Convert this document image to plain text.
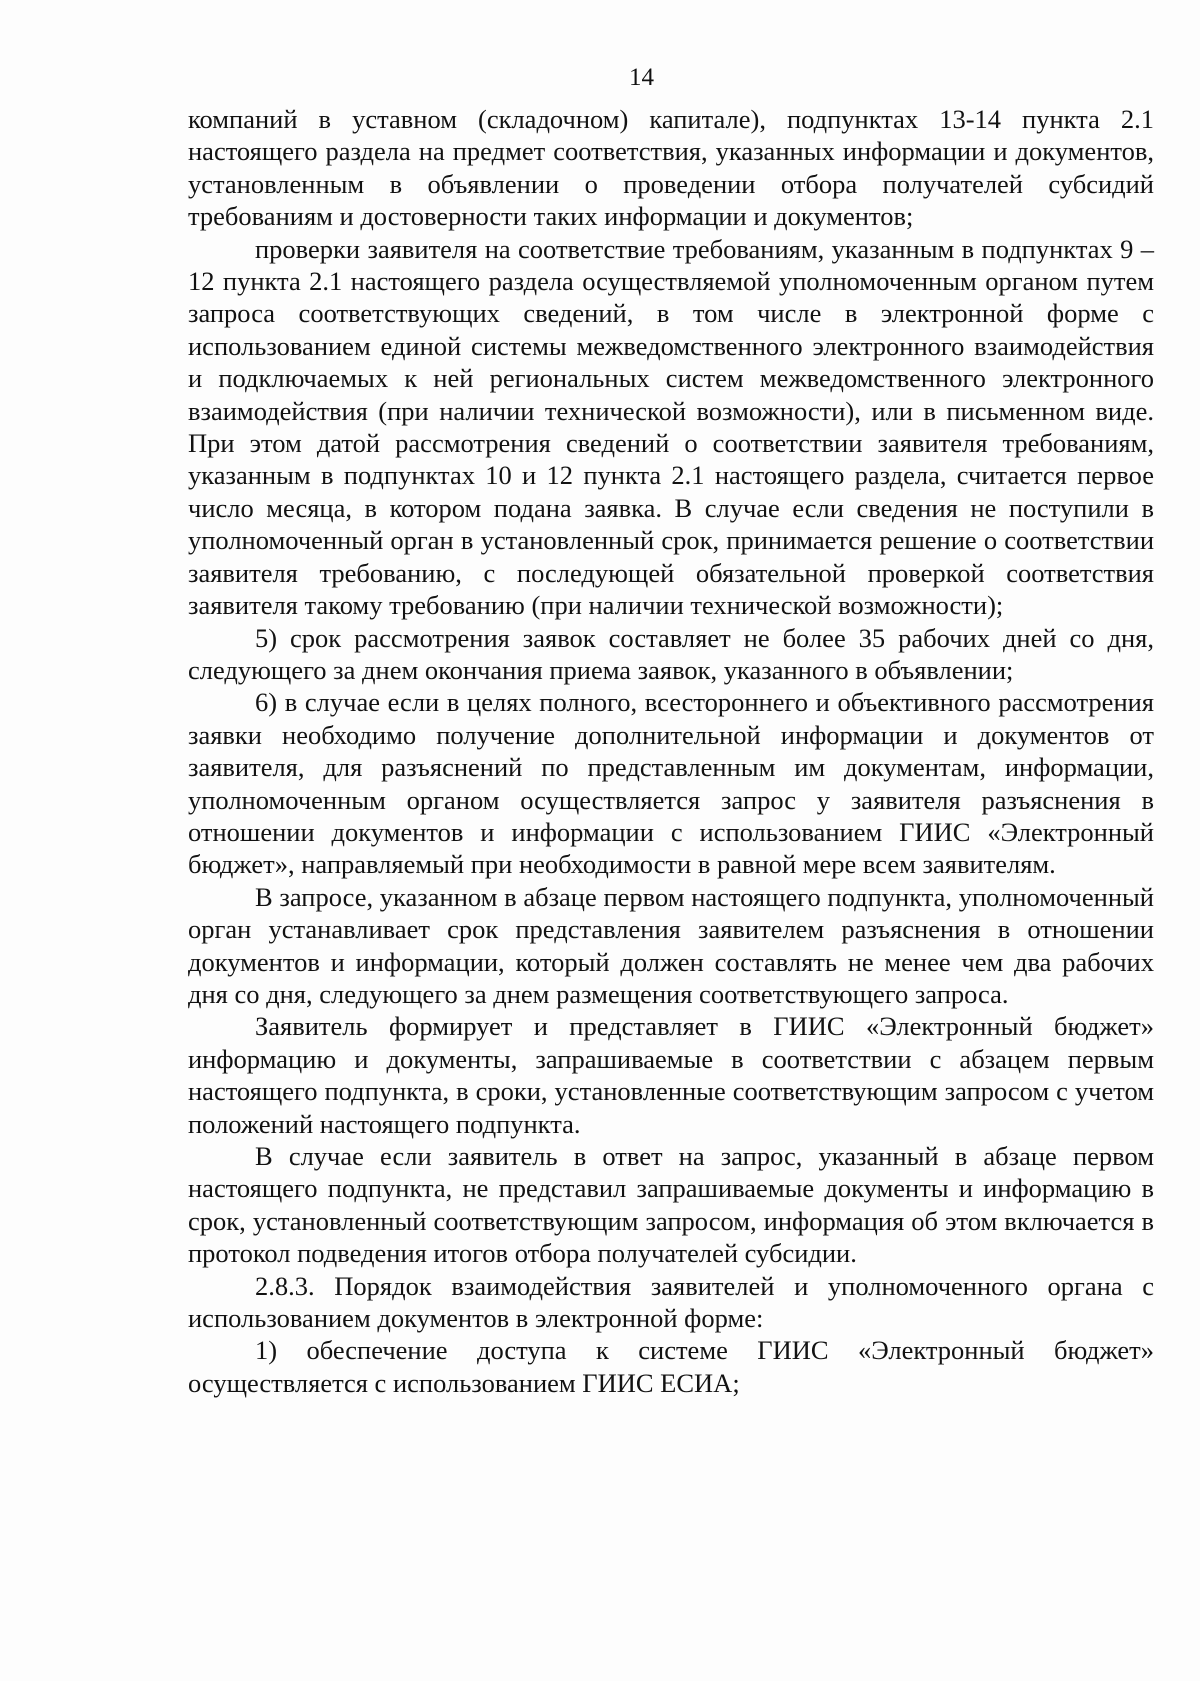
14

компаний в уставном (складочном) капитале), подпунктах 13-14 пункта 2.1 настоящего раздела на предмет соответствия, указанных информации и документов, установленным в объявлении о проведении отбора получателей субсидий требованиям и достоверности таких информации и документов;

проверки заявителя на соответствие требованиям, указанным в подпунктах 9 – 12 пункта 2.1 настоящего раздела осуществляемой уполномоченным органом путем запроса соответствующих сведений, в том числе в электронной форме с использованием единой системы межведомственного электронного взаимодействия и подключаемых к ней региональных систем межведомственного электронного взаимодействия (при наличии технической возможности), или в письменном виде. При этом датой рассмотрения сведений о соответствии заявителя требованиям, указанным в подпунктах 10 и 12 пункта 2.1 настоящего раздела, считается первое число месяца, в котором подана заявка. В случае если сведения не поступили в уполномоченный орган в установленный срок, принимается решение о соответствии заявителя требованию, с последующей обязательной проверкой соответствия заявителя такому требованию (при наличии технической возможности);

5) срок рассмотрения заявок составляет не более 35 рабочих дней со дня, следующего за днем окончания приема заявок, указанного в объявлении;

6) в случае если в целях полного, всестороннего и объективного рассмотрения заявки необходимо получение дополнительной информации и документов от заявителя, для разъяснений по представленным им документам, информации, уполномоченным органом осуществляется запрос у заявителя разъяснения в отношении документов и информации с использованием ГИИС «Электронный бюджет», направляемый при необходимости в равной мере всем заявителям.

В запросе, указанном в абзаце первом настоящего подпункта, уполномоченный орган устанавливает срок представления заявителем разъяснения в отношении документов и информации, который должен составлять не менее чем два рабочих дня со дня, следующего за днем размещения соответствующего запроса.

Заявитель формирует и представляет в ГИИС «Электронный бюджет» информацию и документы, запрашиваемые в соответствии с абзацем первым настоящего подпункта, в сроки, установленные соответствующим запросом с учетом положений настоящего подпункта.

В случае если заявитель в ответ на запрос, указанный в абзаце первом настоящего подпункта, не представил запрашиваемые документы и информацию в срок, установленный соответствующим запросом, информация об этом включается в протокол подведения итогов отбора получателей субсидии.

2.8.3. Порядок взаимодействия заявителей и уполномоченного органа с использованием документов в электронной форме:

1) обеспечение доступа к системе ГИИС «Электронный бюджет» осуществляется с использованием ГИИС ЕСИА;
